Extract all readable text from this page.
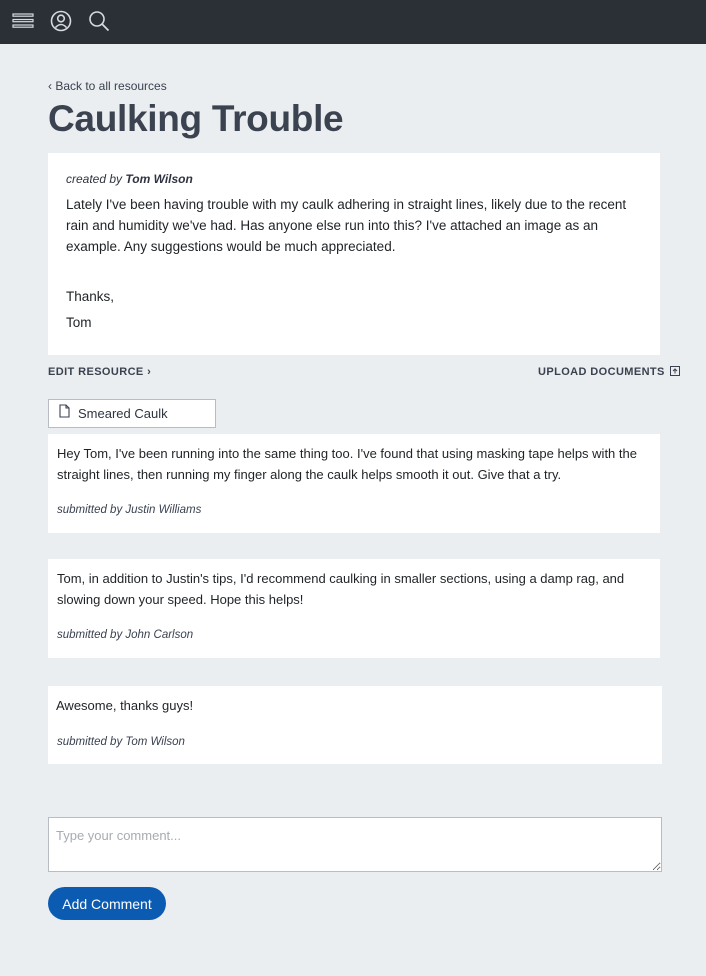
‹ Back to all resources
Caulking Trouble
created by Tom Wilson
Lately I've been having trouble with my caulk adhering in straight lines, likely due to the recent rain and humidity we've had. Has anyone else run into this? I've attached an image as an example. Any suggestions would be much appreciated.
Thanks,
Tom
EDIT RESOURCE ›	UPLOAD DOCUMENTS
Smeared Caulk
Hey Tom, I've been running into the same thing too. I've found that using masking tape helps with the straight lines, then running my finger along the caulk helps smooth it out. Give that a try.
submitted by Justin Williams
Tom, in addition to Justin's tips, I'd recommend caulking in smaller sections, using a damp rag, and slowing down your speed. Hope this helps!
submitted by John Carlson
Awesome, thanks guys!
submitted by Tom Wilson
Type your comment...
Add Comment
